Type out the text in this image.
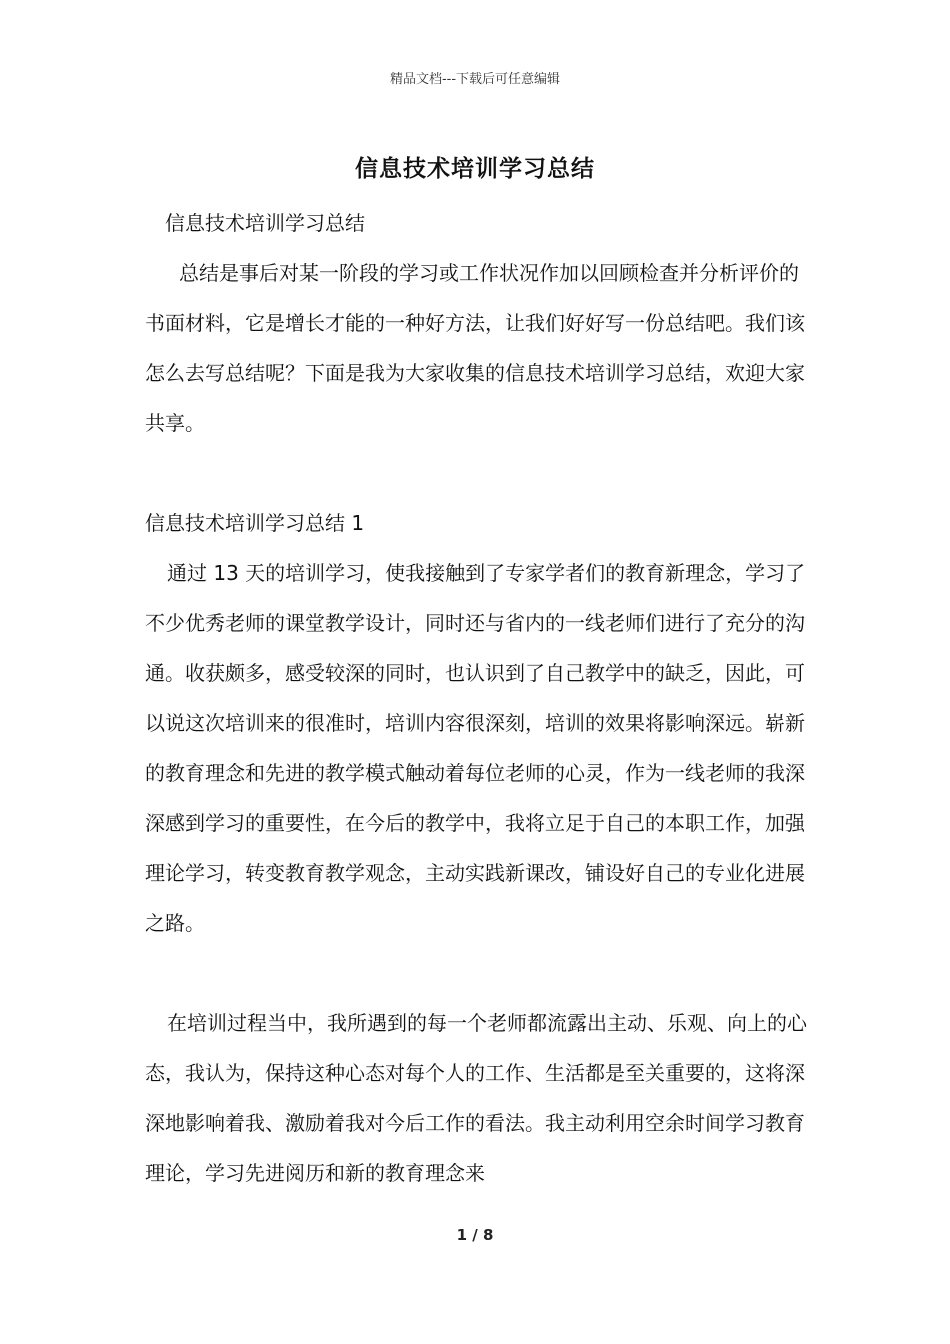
精品文档---下载后可任意编辑
信息技术培训学习总结

信息技术培训学习总结

总结是事后对某一阶段的学习或工作状况作加以回顾检查并分析评价的书面材料，它是增长才能的一种好方法，让我们好好写一份总结吧。我们该怎么去写总结呢？下面是我为大家收集的信息技术培训学习总结，欢迎大家共享。

信息技术培训学习总结 1

通过 13 天的培训学习，使我接触到了专家学者们的教育新理念，学习了不少优秀老师的课堂教学设计，同时还与省内的一线老师们进行了充分的沟通。收获颇多，感受较深的同时，也认识到了自己教学中的缺乏，因此，可以说这次培训来的很准时，培训内容很深刻，培训的效果将影响深远。崭新的教育理念和先进的教学模式触动着每位老师的心灵，作为一线老师的我深深感到学习的重要性，在今后的教学中，我将立足于自己的本职工作，加强理论学习，转变教育教学观念，主动实践新课改，铺设好自己的专业化进展之路。

在培训过程当中，我所遇到的每一个老师都流露出主动、乐观、向上的心态，我认为，保持这种心态对每个人的工作、生活都是至关重要的，这将深深地影响着我、激励着我对今后工作的看法。我主动利用空余时间学习教育理论，学习先进阅历和新的教育理念来

1 / 8
